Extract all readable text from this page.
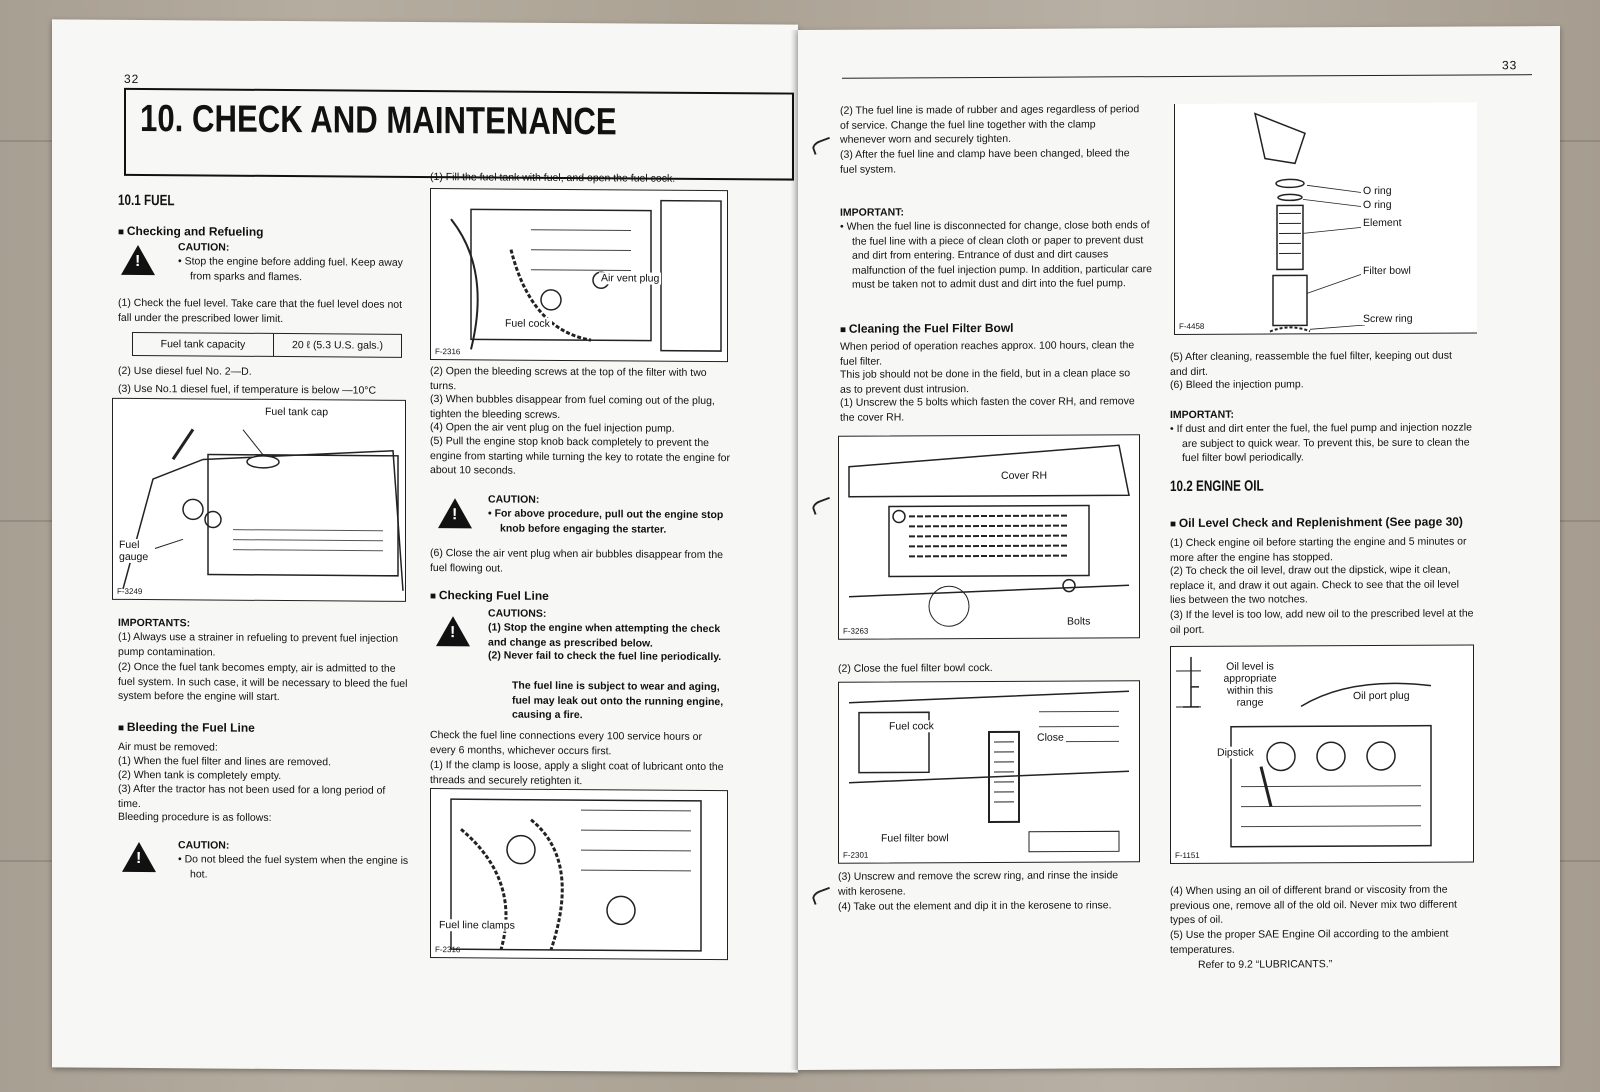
32
10. CHECK AND MAINTENANCE
10.1 FUEL
■ Checking and Refueling
!
CAUTION:
• Stop the engine before adding fuel. Keep away from sparks and flames.
(1) Check the fuel level. Take care that the fuel level does not fall under the prescribed lower limit.
Fuel tank capacity	20 ℓ (5.3 U.S. gals.)
(2) Use diesel fuel No. 2—D.
(3) Use No.1 diesel fuel, if temperature is below —10°C
Fuel tank cap
Fuel gauge
F-3249
IMPORTANTS:
(1) Always use a strainer in refueling to prevent fuel injection pump contamination.
(2) Once the fuel tank becomes empty, air is admitted to the fuel system. In such case, it will be necessary to bleed the fuel system before the engine will start.
■ Bleeding the Fuel Line
Air must be removed:
(1) When the fuel filter and lines are removed.
(2) When tank is completely empty.
(3) After the tractor has not been used for a long period of time.
Bleeding procedure is as follows:
!
CAUTION:
• Do not bleed the fuel system when the engine is hot.
(1) Fill the fuel tank with fuel, and open the fuel cock.
Air vent plug
Fuel cock
F-2316
(2) Open the bleeding screws at the top of the filter with two turns.
(3) When bubbles disappear from fuel coming out of the plug, tighten the bleeding screws.
(4) Open the air vent plug on the fuel injection pump.
(5) Pull the engine stop knob back completely to prevent the engine from starting while turning the key to rotate the engine for about 10 seconds.
!
CAUTION:
• For above procedure, pull out the engine stop knob before engaging the starter.
(6) Close the air vent plug when air bubbles disappear from the fuel flowing out.
■ Checking Fuel Line
!
CAUTIONS:
(1) Stop the engine when attempting the check and change as prescribed below.
(2) Never fail to check the fuel line periodically.
The fuel line is subject to wear and aging, fuel may leak out onto the running engine, causing a fire.
Check the fuel line connections every 100 service hours or every 6 months, whichever occurs first.
(1) If the clamp is loose, apply a slight coat of lubricant onto the threads and securely retighten it.
Fuel line clamps
F-2316
33
(2) The fuel line is made of rubber and ages regardless of period of service. Change the fuel line together with the clamp whenever worn and securely tighten.
(3) After the fuel line and clamp have been changed, bleed the fuel system.
IMPORTANT:
• When the fuel line is disconnected for change, close both ends of the fuel line with a piece of clean cloth or paper to prevent dust and dirt from entering. Entrance of dust and dirt causes malfunction of the fuel injection pump. In addition, particular care must be taken not to admit dust and dirt into the fuel pump.
■ Cleaning the Fuel Filter Bowl
When period of operation reaches approx. 100 hours, clean the fuel filter.
This job should not be done in the field, but in a clean place so as to prevent dust intrusion.
(1) Unscrew the 5 bolts which fasten the cover RH, and remove the cover RH.
Cover RH
Bolts
F-3263
(2) Close the fuel filter bowl cock.
Fuel cock
Close
Fuel filter bowl
F-2301
(3) Unscrew and remove the screw ring, and rinse the inside with kerosene.
(4) Take out the element and dip it in the kerosene to rinse.
O ring
O ring
Element
Filter bowl
Screw ring
F-4458
(5) After cleaning, reassemble the fuel filter, keeping out dust and dirt.
(6) Bleed the injection pump.
IMPORTANT:
• If dust and dirt enter the fuel, the fuel pump and injection nozzle are subject to quick wear. To prevent this, be sure to clean the fuel filter bowl periodically.
10.2 ENGINE OIL
■ Oil Level Check and Replenishment (See page 30)
(1) Check engine oil before starting the engine and 5 minutes or more after the engine has stopped.
(2) To check the oil level, draw out the dipstick, wipe it clean, replace it, and draw it out again. Check to see that the oil level lies between the two notches.
(3) If the level is too low, add new oil to the prescribed level at the oil port.
Oil level is appropriate within this range
Oil port plug
Dipstick
F-1151
(4) When using an oil of different brand or viscosity from the previous one, remove all of the old oil. Never mix two different types of oil.
(5) Use the proper SAE Engine Oil according to the ambient temperatures.
Refer to 9.2 “LUBRICANTS.”
